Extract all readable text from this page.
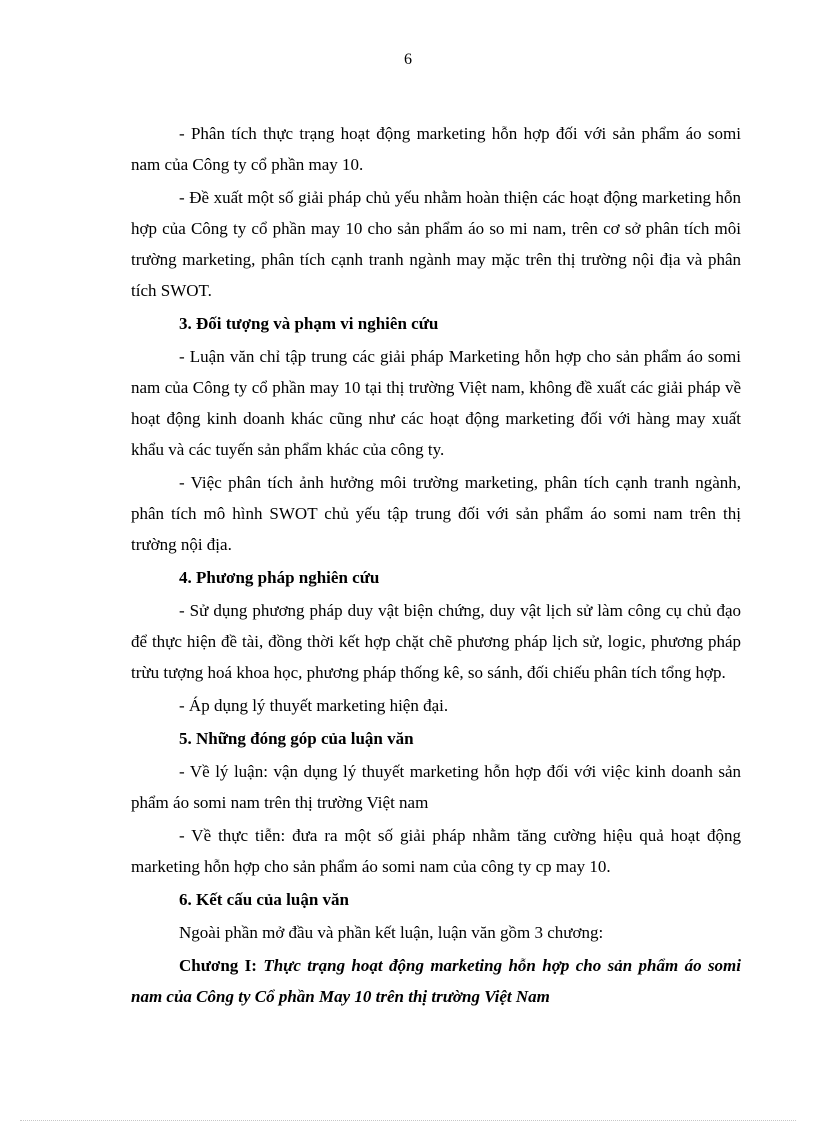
6

- Phân tích thực trạng hoạt động marketing hỗn hợp đối với sản phẩm áo somi nam của Công ty cổ phần may 10.

- Đề xuất một số giải pháp chủ yếu nhằm hoàn thiện các hoạt động marketing hỗn hợp của Công ty cổ phần may 10 cho sản phẩm áo so mi nam, trên cơ sở phân tích môi trường marketing, phân tích cạnh tranh ngành may mặc trên thị trường nội địa và phân tích SWOT.

3. Đối tượng và phạm vi nghiên cứu

- Luận văn chỉ tập trung các giải pháp Marketing hỗn hợp cho sản phẩm áo somi nam của Công ty cổ phần may 10 tại thị trường Việt nam, không đề xuất các giải pháp về hoạt động kinh doanh khác cũng như các hoạt động marketing đối với hàng may xuất khẩu và các tuyến sản phẩm khác của công ty.

- Việc phân tích ảnh hưởng môi trường marketing, phân tích cạnh tranh ngành, phân tích mô hình SWOT chủ yếu tập trung đối với sản phẩm áo somi nam trên thị trường nội địa.

4. Phương pháp nghiên cứu

- Sử dụng phương pháp duy vật biện chứng, duy vật lịch sử làm công cụ chủ đạo để thực hiện đề tài, đồng thời kết hợp chặt chẽ phương pháp lịch sử, logic, phương pháp trừu tượng hoá khoa học, phương pháp thống kê, so sánh, đối chiếu phân tích tổng hợp.

- Áp dụng lý thuyết marketing hiện đại.

5. Những đóng góp của luận văn

- Về lý luận: vận dụng lý thuyết marketing hỗn hợp đối với việc kinh doanh sản phẩm áo somi nam trên thị trường Việt nam

- Về thực tiễn: đưa ra một số giải pháp nhằm tăng cường hiệu quả hoạt động marketing hỗn hợp cho sản phẩm áo somi nam của công ty cp may 10.

6. Kết cấu của luận văn

Ngoài phần mở đầu và phần kết luận, luận văn gồm 3 chương:

Chương I: Thực trạng hoạt động marketing hỗn hợp cho sản phẩm áo somi nam của Công ty Cổ phần May 10 trên thị trường Việt Nam
